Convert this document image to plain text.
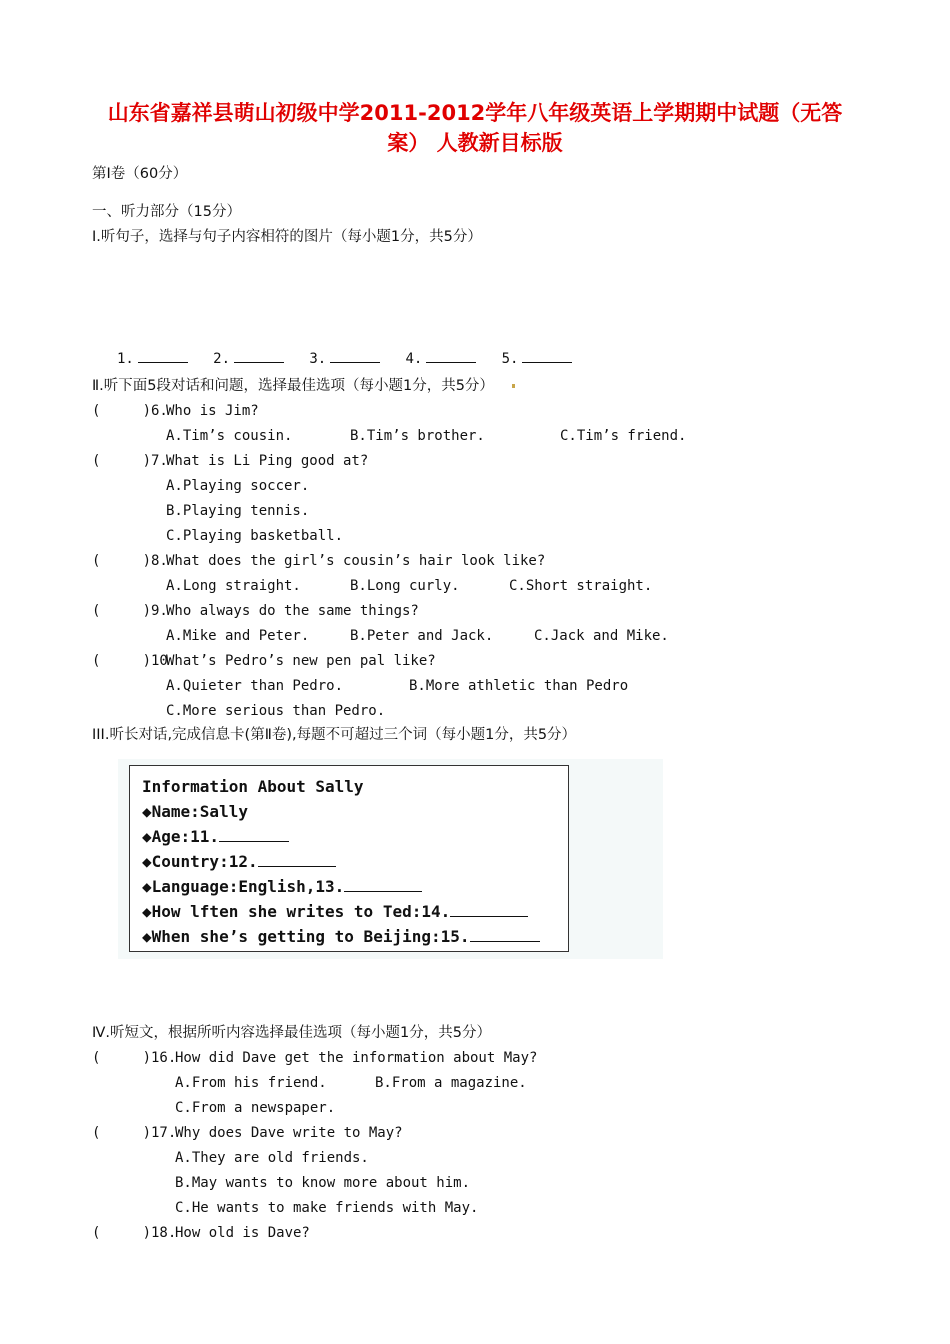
山东省嘉祥县萌山初级中学2011-2012学年八年级英语上学期期中试题（无答
案） 人教新目标版
第Ⅰ卷（60分）
一、听力部分（15分）
Ⅰ.听句子，选择与句子内容相符的图片（每小题1分，共5分）

1.	2.	3.	4.	5.
Ⅱ.听下面5段对话和问题，选择最佳选项（每小题1分，共5分）
(     )6.
Who is Jim?
A.Tim’s cousin.	B.Tim’s brother.	C.Tim’s friend.
(     )7.
What is Li Ping good at?
A.Playing soccer.
B.Playing tennis.
C.Playing basketball.
(     )8.
What does the girl’s cousin’s hair look like?
A.Long straight.	B.Long curly.	C.Short straight.
(     )9.
Who always do the same things?
A.Mike and Peter.	B.Peter and Jack.	C.Jack and Mike.
(     )10.
What’s Pedro’s new pen pal like?
A.Quieter than Pedro.	B.More athletic than Pedro
C.More serious than Pedro.
III.听长对话,完成信息卡(第Ⅱ卷),每题不可超过三个词（每小题1分，共5分）
Information About Sally
◆Name:Sally
◆Age:11.
◆Country:12.
◆Language:English,13.
◆How lften she writes to Ted:14.
◆When she’s getting to Beijing:15.
Ⅳ.听短文，根据所听内容选择最佳选项（每小题1分，共5分）
(     )16.
How did Dave get the information about May?
A.From his friend.	B.From a magazine.
C.From a newspaper.
(     )17.
Why does Dave write to May?
A.They are old friends.
B.May wants to know more about him.
C.He wants to make friends with May.
(     )18.
How old is Dave?
